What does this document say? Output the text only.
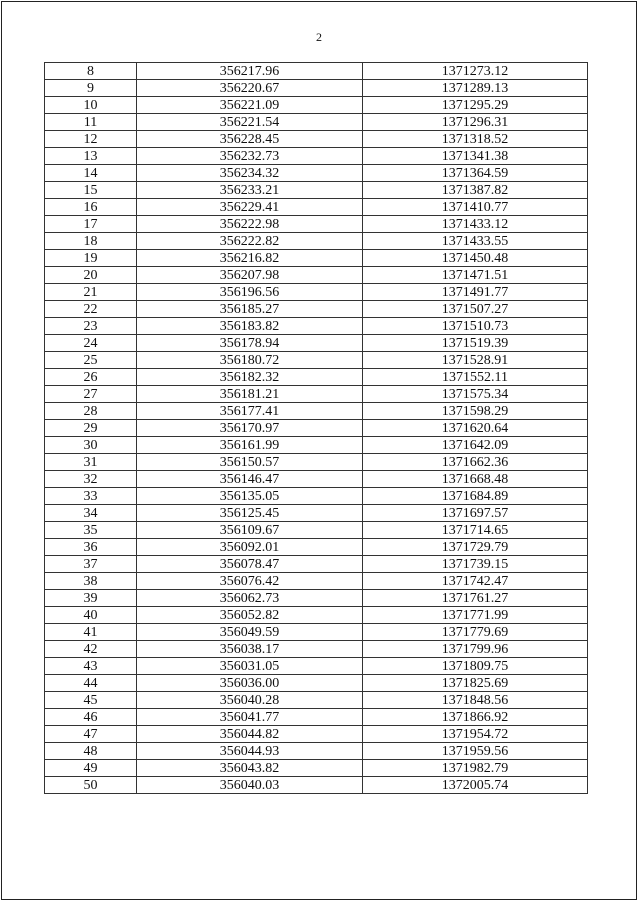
2
8	356217.96	1371273.12
9	356220.67	1371289.13
10	356221.09	1371295.29
11	356221.54	1371296.31
12	356228.45	1371318.52
13	356232.73	1371341.38
14	356234.32	1371364.59
15	356233.21	1371387.82
16	356229.41	1371410.77
17	356222.98	1371433.12
18	356222.82	1371433.55
19	356216.82	1371450.48
20	356207.98	1371471.51
21	356196.56	1371491.77
22	356185.27	1371507.27
23	356183.82	1371510.73
24	356178.94	1371519.39
25	356180.72	1371528.91
26	356182.32	1371552.11
27	356181.21	1371575.34
28	356177.41	1371598.29
29	356170.97	1371620.64
30	356161.99	1371642.09
31	356150.57	1371662.36
32	356146.47	1371668.48
33	356135.05	1371684.89
34	356125.45	1371697.57
35	356109.67	1371714.65
36	356092.01	1371729.79
37	356078.47	1371739.15
38	356076.42	1371742.47
39	356062.73	1371761.27
40	356052.82	1371771.99
41	356049.59	1371779.69
42	356038.17	1371799.96
43	356031.05	1371809.75
44	356036.00	1371825.69
45	356040.28	1371848.56
46	356041.77	1371866.92
47	356044.82	1371954.72
48	356044.93	1371959.56
49	356043.82	1371982.79
50	356040.03	1372005.74
